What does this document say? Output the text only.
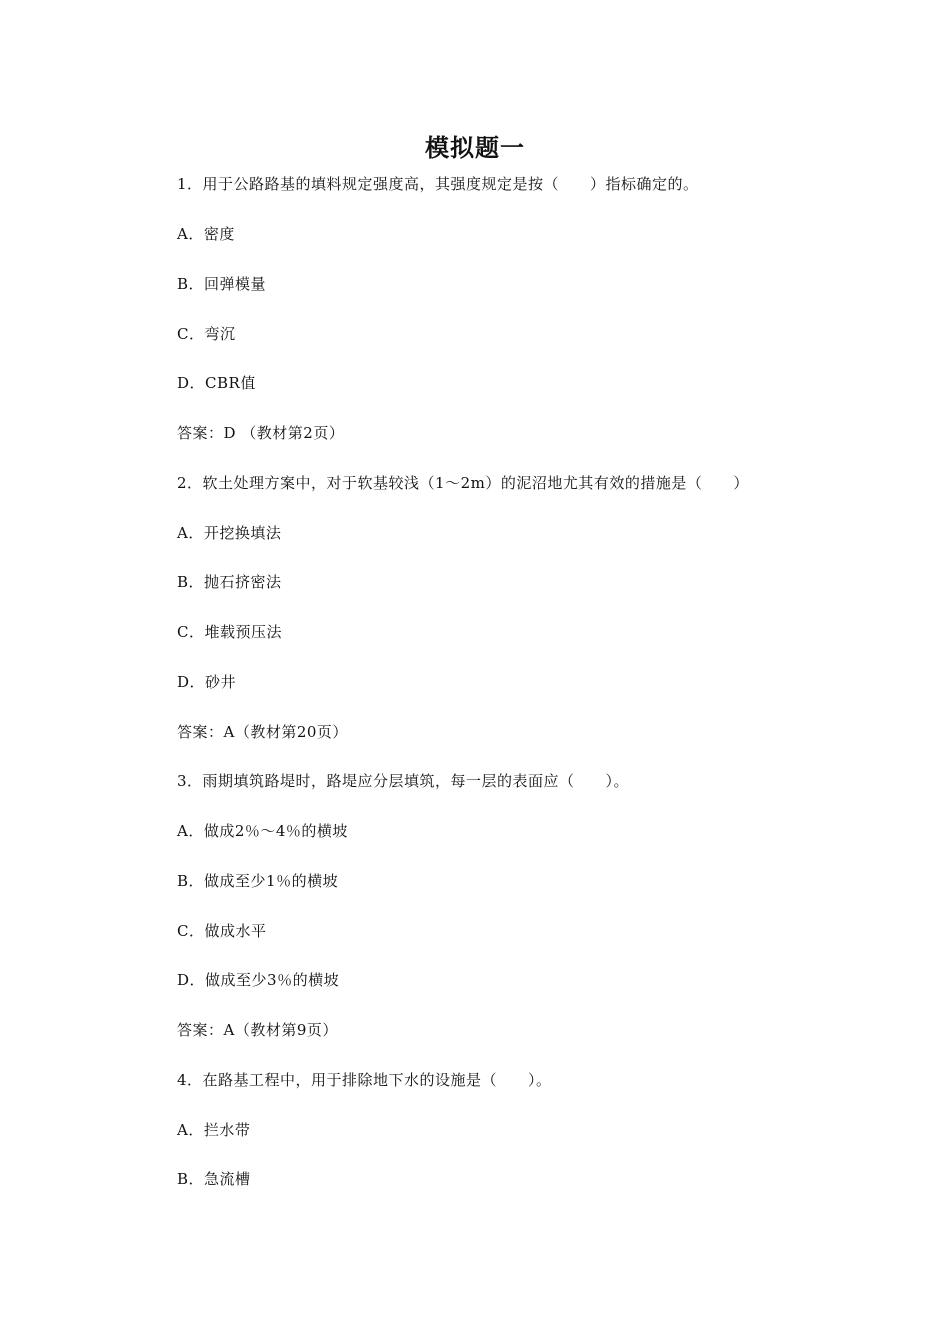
模拟题一
1．用于公路路基的填料规定强度高，其强度规定是按（　　）指标确定的。
A．密度
B．回弹模量
C．弯沉
D．CBR值
答案：D （教材第2页）
2．软土处理方案中，对于软基较浅（1～2m）的泥沼地尤其有效的措施是（　　）
A．开挖换填法
B．抛石挤密法
C．堆载预压法
D．砂井
答案：A（教材第20页）
3．雨期填筑路堤时，路堤应分层填筑，每一层的表面应（　　）。
A．做成2％～4％的横坡
B．做成至少1％的横坡
C．做成水平
D．做成至少3％的横坡
答案：A（教材第9页）
4．在路基工程中，用于排除地下水的设施是（　　）。
A．拦水带
B．急流槽
